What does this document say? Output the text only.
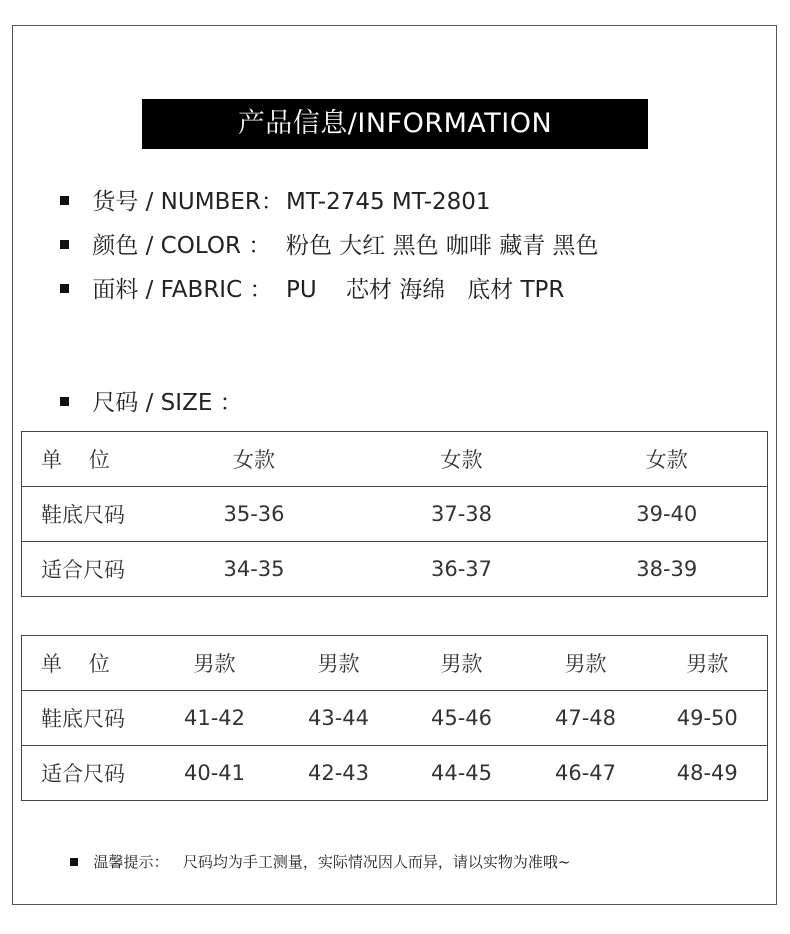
产品信息/INFORMATION
货号 / NUMBER： MT-2745 MT-2801
颜色 / COLOR ： 粉色 大红 黑色 咖啡 藏青 黑色
面料 / FABRIC ： PU    芯材 海绵   底材 TPR
尺码 / SIZE ：
单    位	女款	女款	女款
鞋底尺码	35-36	37-38	39-40
适合尺码	34-35	36-37	38-39
单    位	男款	男款	男款	男款	男款
鞋底尺码	41-42	43-44	45-46	47-48	49-50
适合尺码	40-41	42-43	44-45	46-47	48-49

温馨提示： 尺码均为手工测量，实际情况因人而异，请以实物为准哦~
